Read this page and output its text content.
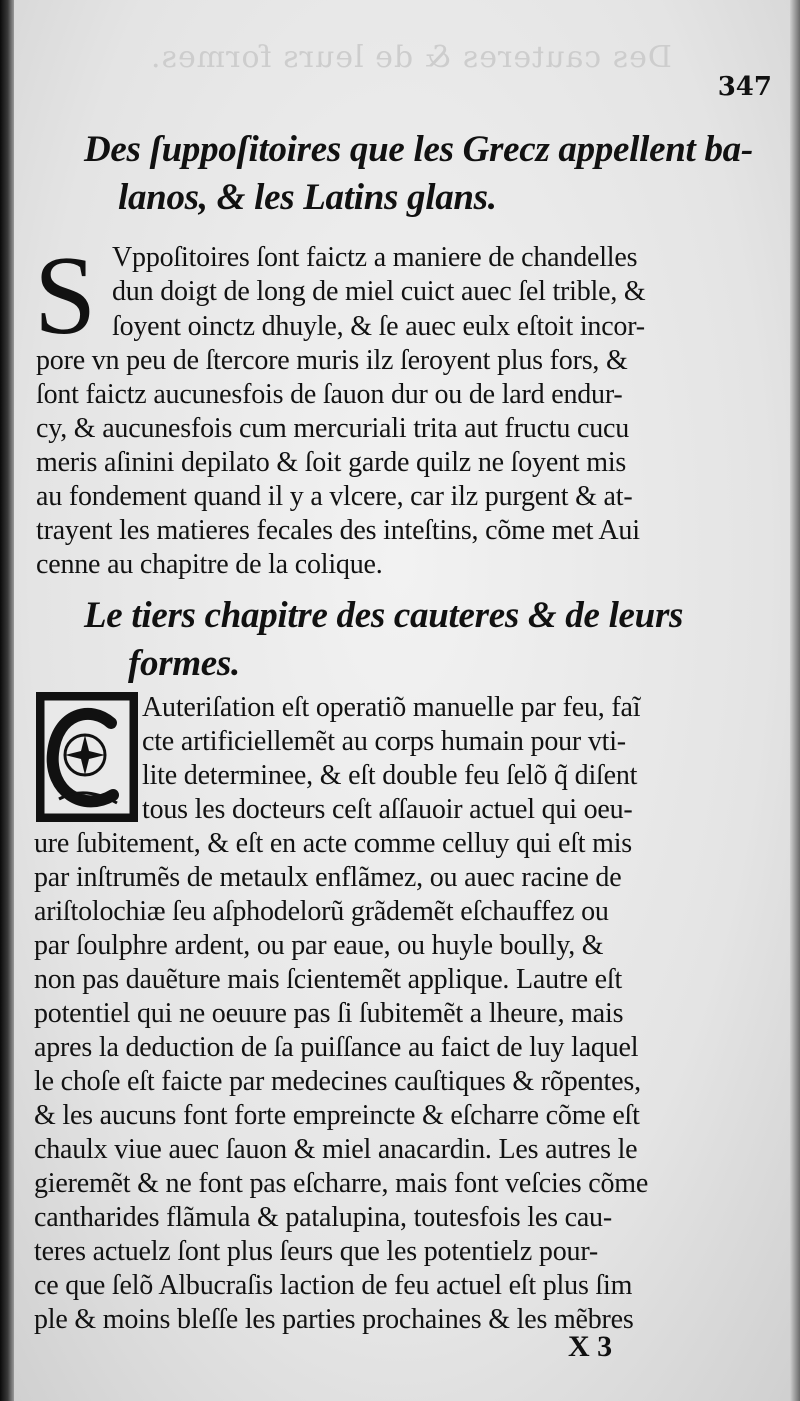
Des cauteres & de leurs formes.
347
Des ſuppoſitoires que les Grecz appellent ba-
lanos, & les Latins glans.
S Vppoſitoires ſont faictz a maniere de chandelles
dun doigt de long de miel cuict auec ſel trible, &
ſoyent oinctz dhuyle, & ſe auec eulx eſtoit incor-
pore vn peu de ſtercore muris ilz ſeroyent plus fors, &
ſont faictz aucunesfois de ſauon dur ou de lard endur-
cy, & aucunesfois cum mercuriali trita aut fructu cucu
meris aſinini depilato & ſoit garde quilz ne ſoyent mis
au fondement quand il y a vlcere, car ilz purgent & at-
trayent les matieres fecales des inteſtins, cõme met Aui
cenne au chapitre de la colique.
Le tiers chapitre des cauteres & de leurs
formes.
Auteriſation eſt operatiõ manuelle par feu, faĩ
cte artificiellemẽt au corps humain pour vti-
lite determinee, & eſt double feu ſelõ q̃ diſent
tous les docteurs ceſt aſſauoir actuel qui oeu-
ure ſubitement, & eſt en acte comme celluy qui eſt mis
par inſtrumẽs de metaulx enflãmez, ou auec racine de
ariſtolochiæ ſeu aſphodelorũ grãdemẽt eſchauffez ou
par ſoulphre ardent, ou par eaue, ou huyle boully, &
non pas dauẽture mais ſcientemẽt applique. Lautre eſt
potentiel qui ne oeuure pas ſi ſubitemẽt a lheure, mais
apres la deduction de ſa puiſſance au faict de luy laquel
le choſe eſt faicte par medecines cauſtiques & rõpentes,
& les aucuns font forte empreincte & eſcharre cõme eſt
chaulx viue auec ſauon & miel anacardin. Les autres le
gieremẽt & ne font pas eſcharre, mais font veſcies cõme
cantharides flãmula & patalupina, toutesfois les cau-
teres actuelz ſont plus ſeurs que les potentielz pour-
ce que ſelõ Albucraſis laction de feu actuel eſt plus ſim
ple & moins bleſſe les parties prochaines & les mẽbres
X 3
